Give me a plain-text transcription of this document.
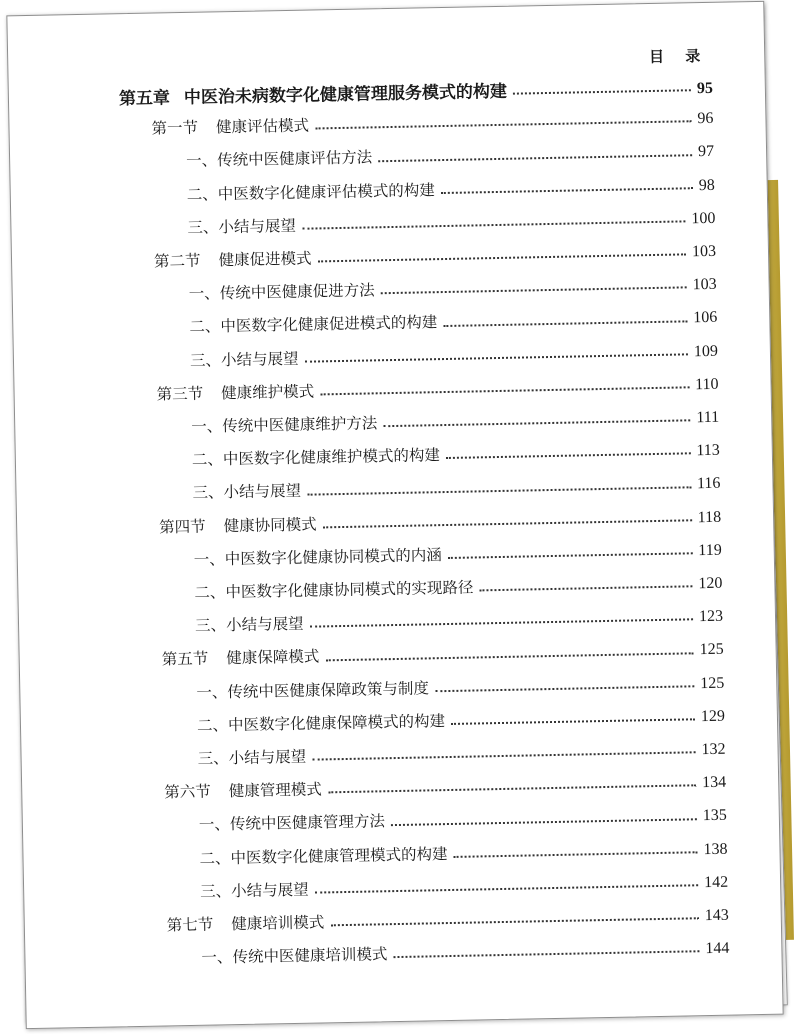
目 录
第五章 中医治未病数字化健康管理服务模式的构建	95
第一节 健康评估模式	96
一、 传统中医健康评估方法	97
二、 中医数字化健康评估模式的构建	98
三、 小结与展望	100
第二节 健康促进模式	103
一、 传统中医健康促进方法	103
二、 中医数字化健康促进模式的构建	106
三、 小结与展望	109
第三节 健康维护模式	110
一、 传统中医健康维护方法	111
二、 中医数字化健康维护模式的构建	113
三、 小结与展望	116
第四节 健康协同模式	118
一、 中医数字化健康协同模式的内涵	119
二、 中医数字化健康协同模式的实现路径	120
三、 小结与展望	123
第五节 健康保障模式	125
一、 传统中医健康保障政策与制度	125
二、 中医数字化健康保障模式的构建	129
三、 小结与展望	132
第六节 健康管理模式	134
一、 传统中医健康管理方法	135
二、 中医数字化健康管理模式的构建	138
三、 小结与展望	142
第七节 健康培训模式	143
一、 传统中医健康培训模式	144
